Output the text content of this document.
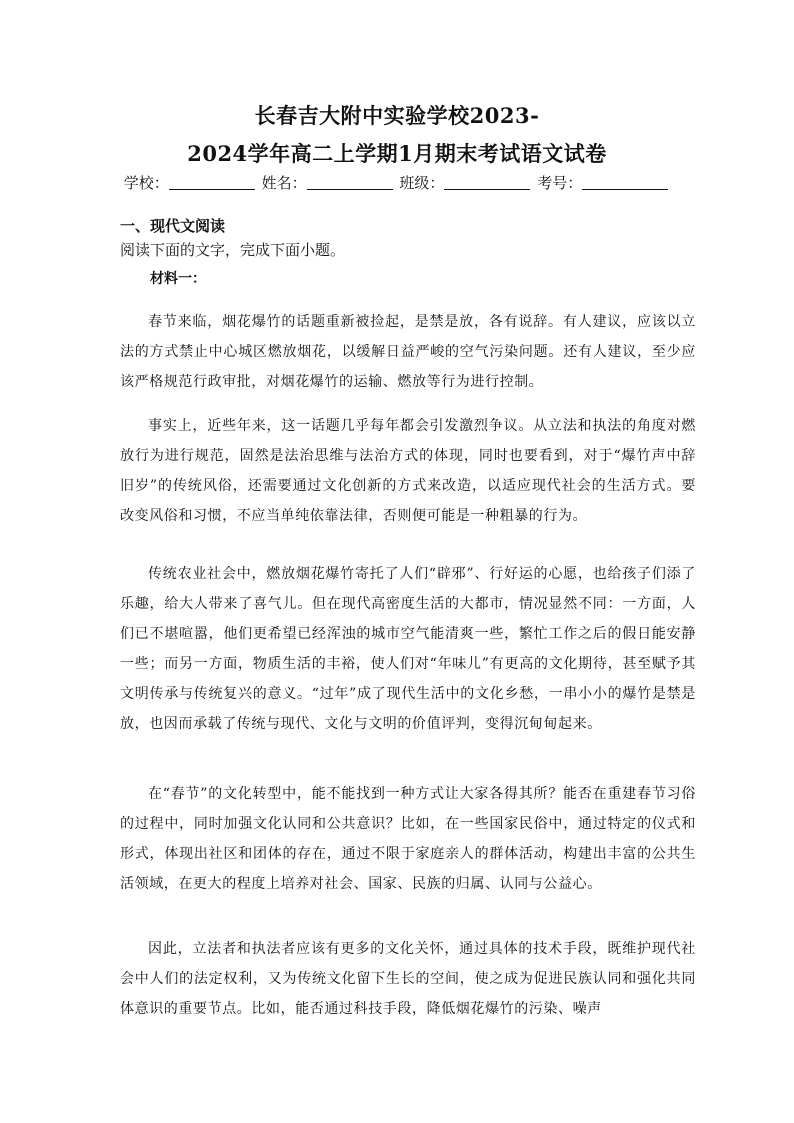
长春吉大附中实验学校2023-
2024学年高二上学期1月期末考试语文试卷
学校：	姓名：	班级：	考号：
一、现代文阅读
阅读下面的文字，完成下面小题。
材料一：

春节来临，烟花爆竹的话题重新被捡起，是禁是放，各有说辞。有人建议，应该以立法的方式禁止中心城区燃放烟花，以缓解日益严峻的空气污染问题。还有人建议，至少应该严格规范行政审批，对烟花爆竹的运输、燃放等行为进行控制。

事实上，近些年来，这一话题几乎每年都会引发激烈争议。从立法和执法的角度对燃放行为进行规范，固然是法治思维与法治方式的体现，同时也要看到，对于“爆竹声中辞旧岁”的传统风俗，还需要通过文化创新的方式来改造，以适应现代社会的生活方式。要改变风俗和习惯，不应当单纯依靠法律，否则便可能是一种粗暴的行为。

传统农业社会中，燃放烟花爆竹寄托了人们“辟邪”、行好运的心愿，也给孩子们添了乐趣，给大人带来了喜气儿。但在现代高密度生活的大都市，情况显然不同：一方面，人们已不堪喧嚣，他们更希望已经浑浊的城市空气能清爽一些，繁忙工作之后的假日能安静一些；而另一方面，物质生活的丰裕，使人们对“年味儿”有更高的文化期待，甚至赋予其文明传承与传统复兴的意义。“过年”成了现代生活中的文化乡愁，一串小小的爆竹是禁是放，也因而承载了传统与现代、文化与文明的价值评判，变得沉甸甸起来。

在“春节”的文化转型中，能不能找到一种方式让大家各得其所？能否在重建春节习俗的过程中，同时加强文化认同和公共意识？比如，在一些国家民俗中，通过特定的仪式和形式，体现出社区和团体的存在，通过不限于家庭亲人的群体活动，构建出丰富的公共生活领域，在更大的程度上培养对社会、国家、民族的归属、认同与公益心。

因此，立法者和执法者应该有更多的文化关怀，通过具体的技术手段，既维护现代社会中人们的法定权利，又为传统文化留下生长的空间，使之成为促进民族认同和强化共同体意识的重要节点。比如，能否通过科技手段，降低烟花爆竹的污染、噪声
